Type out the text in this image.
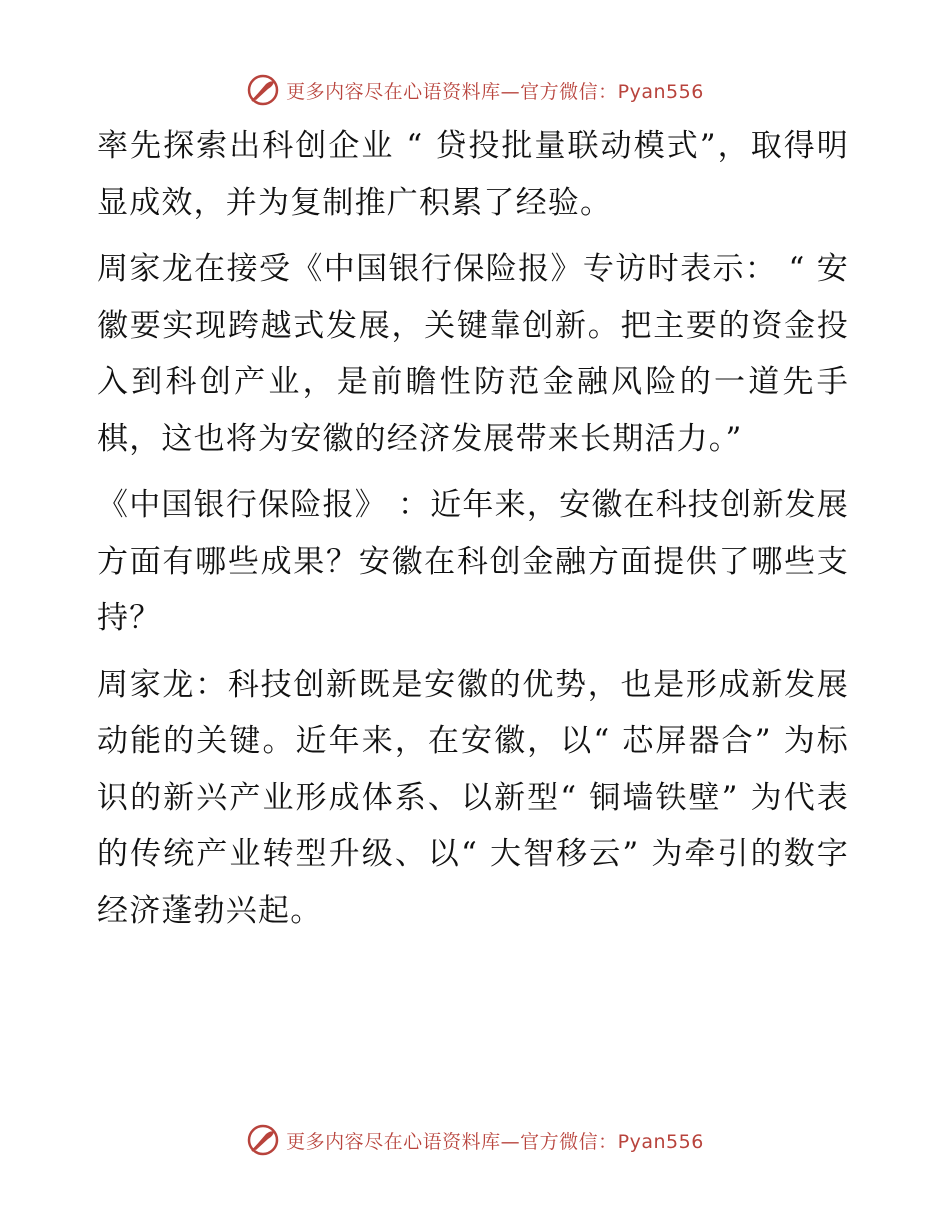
更多内容尽在心语资料库—官方微信：Pyan556

率先探索出科创企业 “ 贷投批量联动模式”，取得明显成效，并为复制推广积累了经验。

周家龙在接受《中国银行保险报》专访时表示： “ 安徽要实现跨越式发展，关键靠创新。把主要的资金投入到科创产业，是前瞻性防范金融风险的一道先手棋，这也将为安徽的经济发展带来长期活力。”

《中国银行保险报》 ：近年来，安徽在科技创新发展方面有哪些成果？安徽在科创金融方面提供了哪些支持？

周家龙：科技创新既是安徽的优势，也是形成新发展动能的关键。近年来，在安徽，以“ 芯屏器合” 为标识的新兴产业形成体系、以新型“ 铜墙铁壁” 为代表的传统产业转型升级、以“ 大智移云” 为牵引的数字经济蓬勃兴起。

更多内容尽在心语资料库—官方微信：Pyan556
